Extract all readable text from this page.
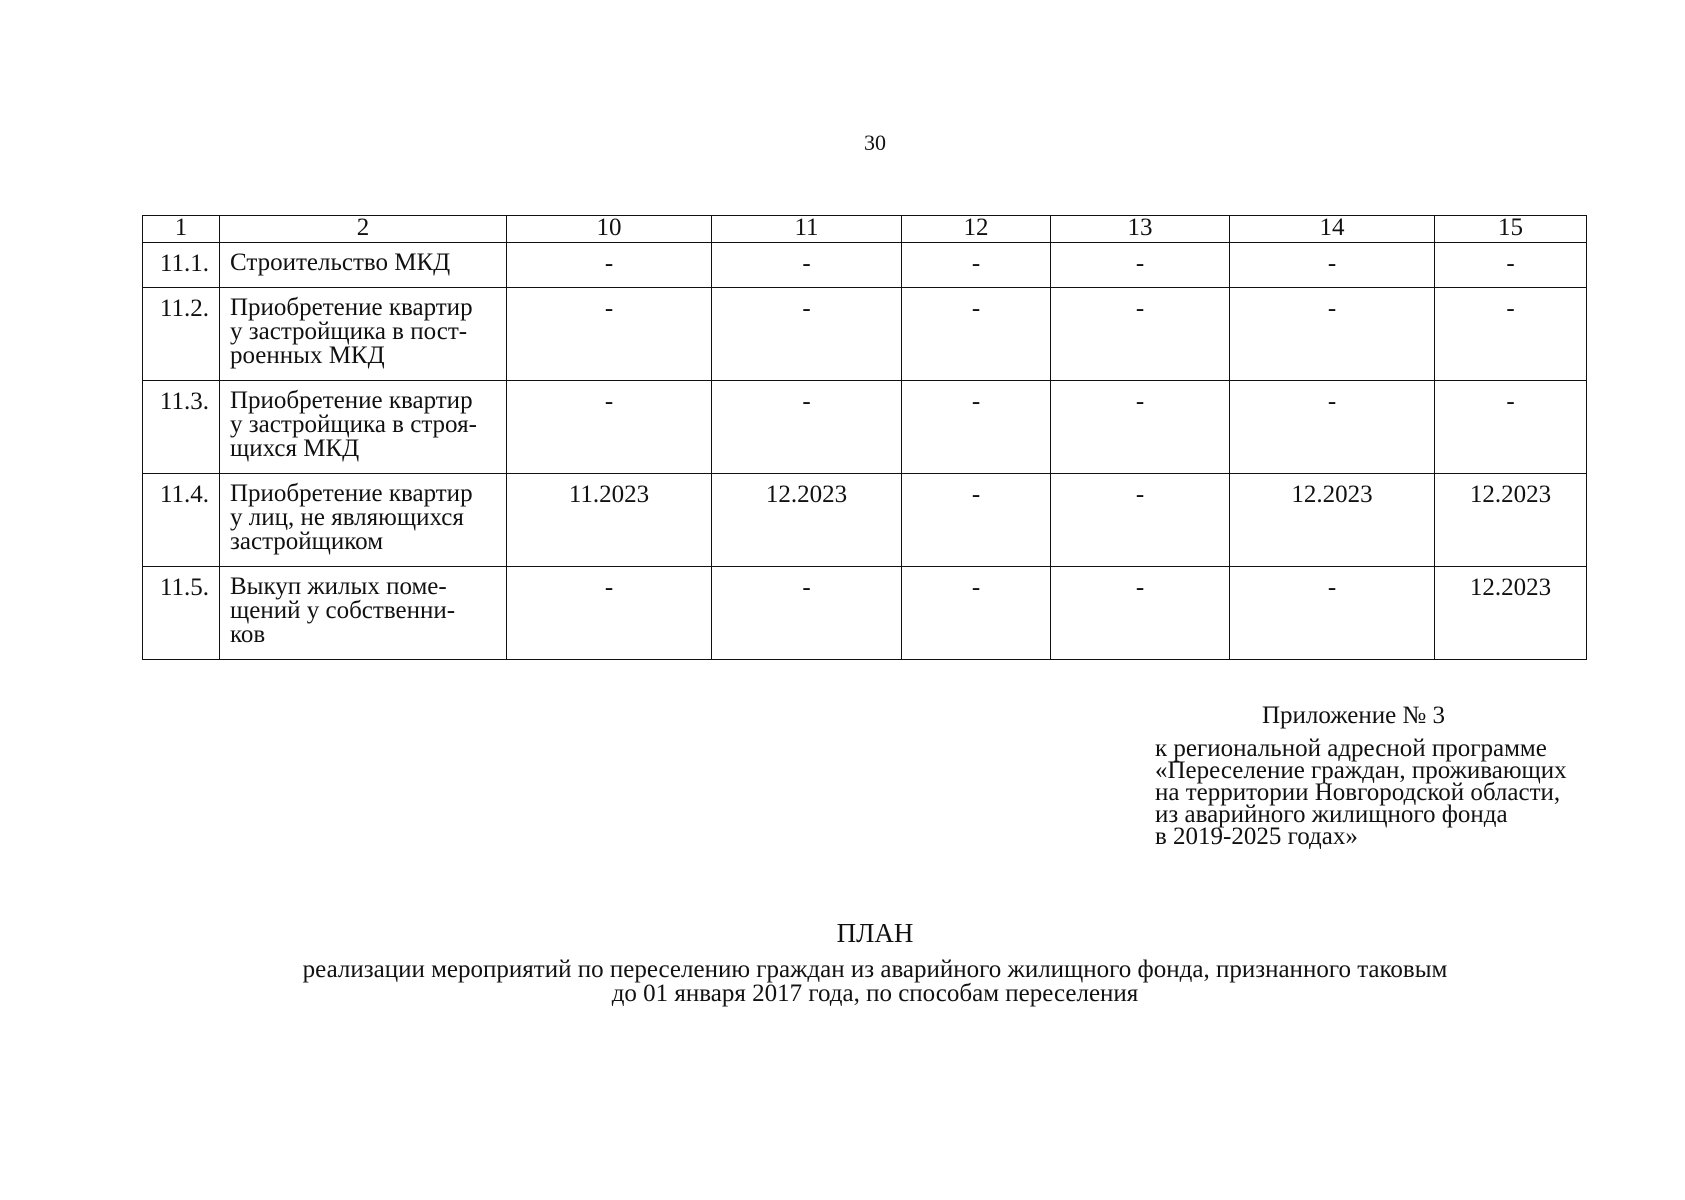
30
1	2	10	11	12	13	14	15
11.1.	Строительство МКД	-	-	-	-	-	-
11.2.	Приобретение квартир
у застройщика в пост-
роенных МКД	-	-	-	-	-	-
11.3.	Приобретение квартир
у застройщика в строя-
щихся МКД	-	-	-	-	-	-
11.4.	Приобретение квартир
у лиц, не являющихся
застройщиком	11.2023	12.2023	-	-	12.2023	12.2023
11.5.	Выкуп жилых поме-
щений у собственни-
ков	-	-	-	-	-	12.2023
Приложение № 3
к региональной адресной программе
«Переселение граждан, проживающих
на территории Новгородской области,
из аварийного жилищного фонда
в 2019-2025 годах»
ПЛАН
реализации мероприятий по переселению граждан из аварийного жилищного фонда, признанного таковым
до 01 января 2017 года, по способам переселения
